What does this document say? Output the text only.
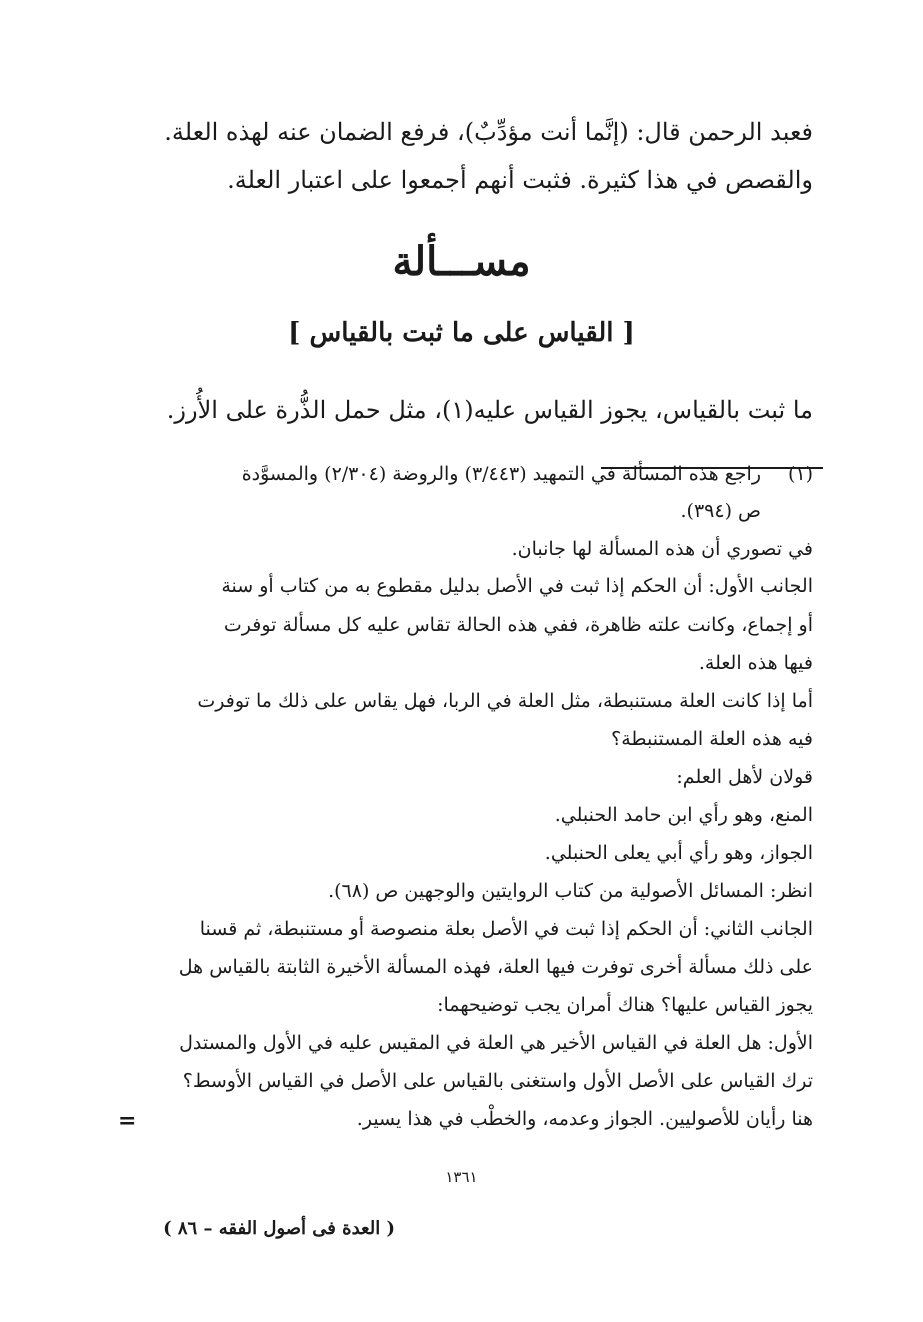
فعبد الرحمن قال: (إنَّما أنت مؤدِّبٌ)، فرفع الضمان عنه لهذه العلة.
والقصص في هذا كثيرة. فثبت أنهم أجمعوا على اعتبار العلة.
مســـألة
[ القياس على ما ثبت بالقياس ]
ما ثبت بالقياس، يجوز القياس عليه(١)، مثل حمل الذُّرة على الأُرز.
(١)
راجع هذه المسألة في التمهيد (٣/٤٤٣) والروضة (٢/٣٠٤) والمسوَّدة
ص (٣٩٤).
في تصوري أن هذه المسألة لها جانبان.
الجانب الأول: أن الحكم إذا ثبت في الأصل بدليل مقطوع به من كتاب أو سنة
أو إجماع، وكانت علته ظاهرة، ففي هذه الحالة تقاس عليه كل مسألة توفرت
فيها هذه العلة.
أما إذا كانت العلة مستنبطة، مثل العلة في الربا، فهل يقاس على ذلك ما توفرت
فيه هذه العلة المستنبطة؟
قولان لأهل العلم:
المنع، وهو رأي ابن حامد الحنبلي.
الجواز، وهو رأي أبي يعلى الحنبلي.
انظر: المسائل الأصولية من كتاب الروايتين والوجهين ص (٦٨).
الجانب الثاني: أن الحكم إذا ثبت في الأصل بعلة منصوصة أو مستنبطة، ثم قسنا
على ذلك مسألة أخرى توفرت فيها العلة، فهذه المسألة الأخيرة الثابتة بالقياس هل
يجوز القياس عليها؟ هناك أمران يجب توضيحهما:
الأول: هل العلة في القياس الأخير هي العلة في المقيس عليه في الأول والمستدل
ترك القياس على الأصل الأول واستغنى بالقياس على الأصل في القياس الأوسط؟
هنا رأيان للأصوليين. الجواز وعدمه، والخطْب في هذا يسير.
=
١٣٦١
( العدة فى أصول الفقه – ٨٦ )
